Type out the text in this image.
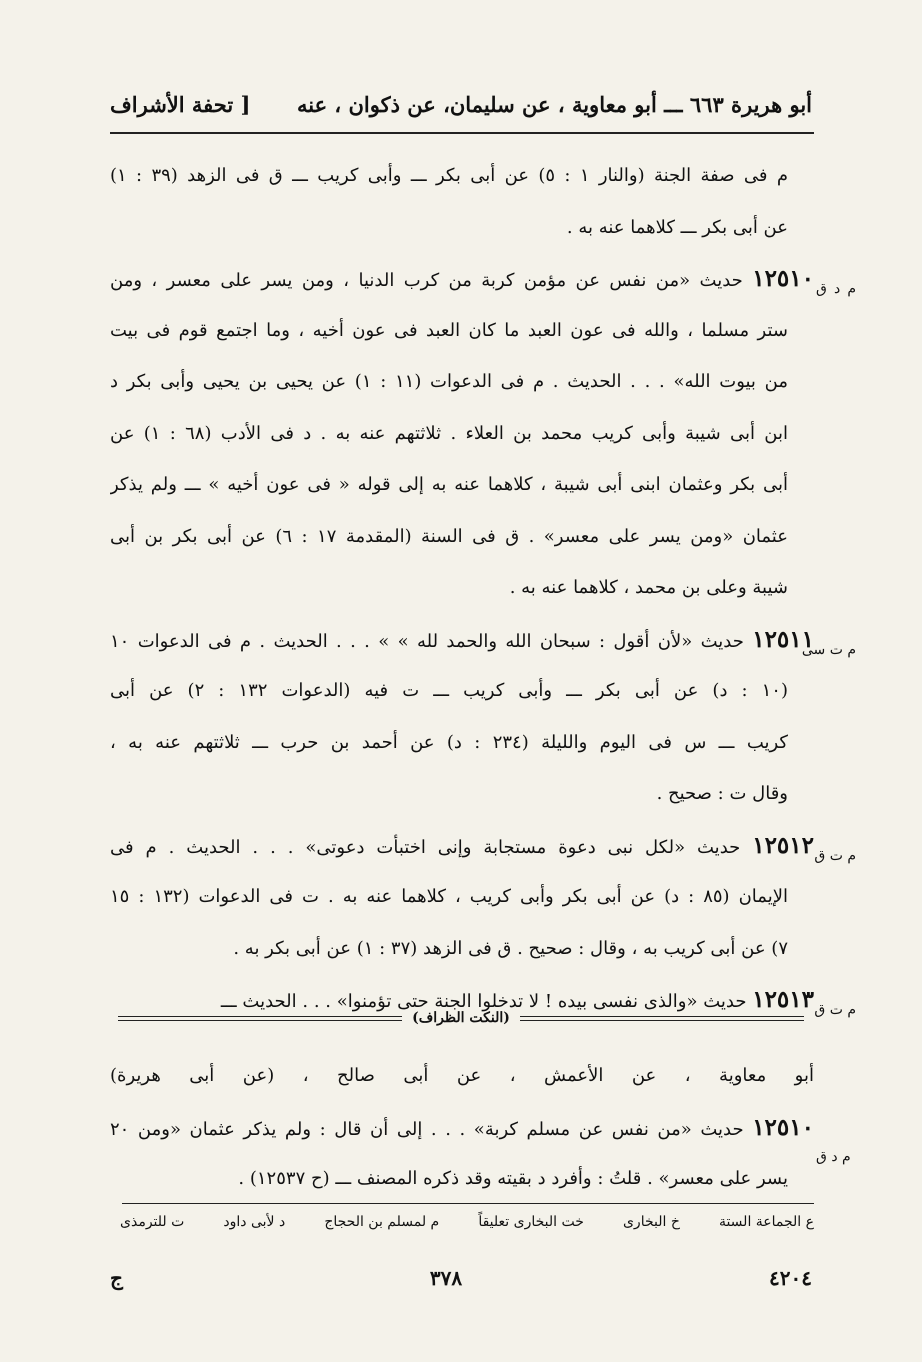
أبو هريرة ٦٦٣ ـــ أبو معاوية ، عن سليمان، عن ذكوان ، عنه
[ تحفة الأشراف
م فى صفة الجنة (والنار ١ : ٥) عن أبى بكر ـــ وأبى كريب ـــ ق فى الزهد (٣٩ : ١)
عن أبى بكر ـــ كلاهما عنه به .
١٢٥١٠ حديث «من نفس عن مؤمن كربة من كرب الدنيا ، ومن يسر على معسر ، ومن	م د ق
ستر مسلما ، والله فى عون العبد ما كان العبد فى عون أخيه ، وما اجتمع قوم فى بيت
من بيوت الله» . . . الحديث . م فى الدعوات (١١ : ١) عن يحيى بن يحيى وأبى بكر د
ابن أبى شيبة وأبى كريب محمد بن العلاء . ثلاثتهم عنه به . د فى الأدب (٦٨ : ١) عن
أبى بكر وعثمان ابنى أبى شيبة ، كلاهما عنه به إلى قوله « فى عون أخيه » ـــ ولم يذكر
عثمان «ومن يسر على معسر» . ق فى السنة (المقدمة ١٧ : ٦) عن أبى بكر بن أبى
شيبة وعلى بن محمد ، كلاهما عنه به .
١٢٥١١ حديث «لأن أقول : سبحان الله والحمد لله » » . . . الحديث . م فى الدعوات ١٠	م ت سى
(١٠ : د) عن أبى بكر ـــ وأبى كريب ـــ ت فيه (الدعوات ١٣٢ : ٢) عن أبى
كريب ـــ س فى اليوم والليلة (٢٣٤ : د) عن أحمد بن حرب ـــ ثلاثتهم عنه به ،
وقال ت : صحيح .
١٢٥١٢ حديث «لكل نبى دعوة مستجابة وإنى اختبأت دعوتى» . . . الحديث . م فى	م ت ق
الإيمان (٨٥ : د) عن أبى بكر وأبى كريب ، كلاهما عنه به . ت فى الدعوات (١٣٢ : ١٥
٧) عن أبى كريب به ، وقال : صحيح . ق فى الزهد (٣٧ : ١) عن أبى بكر به .
١٢٥١٣ حديث «والذى نفسى بيده ! لا تدخلوا الجنة حتى تؤمنوا» . . . الحديث ـــ	م ت ق
(النكت الظراف)
أبو معاوية ، عن الأعمش ، عن أبى صالح ، (عن أبى هريرة)
م د ق
١٢٥١٠ حديث «من نفس عن مسلم كربة» . . . إلى أن قال : ولم يذكر عثمان «ومن ٢٠
يسر على معسر» . قلتُ : وأفرد د بقيته وقد ذكره المصنف ـــ (ح ١٢٥٣٧) .
ع الجماعة الستة
خ البخارى
خت البخارى تعليقاً
م لمسلم بن الحجاج
د لأبى داود
ت للترمذى
٤٢٠٤
٣٧٨
ج
